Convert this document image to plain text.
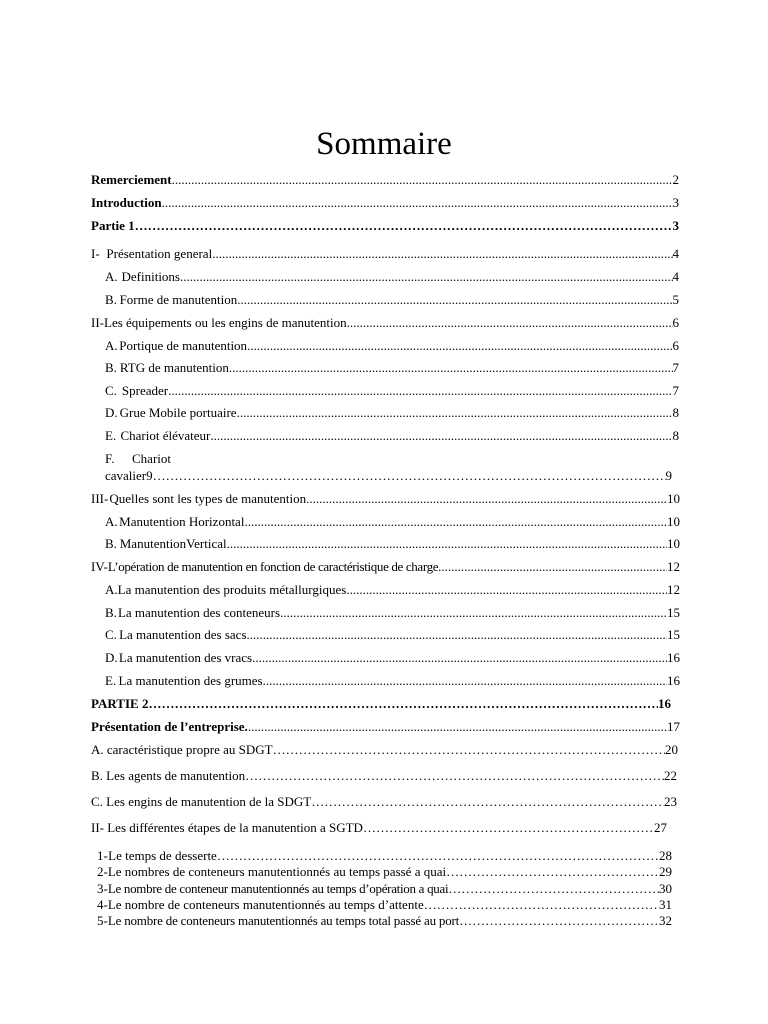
Sommaire
Remerciement .....	2
Introduction .....	3
Partie 1 …………………………………………………………………………………………………………………………………………………………………………………	3
I- Présentation general .....	4
A. Definitions .....	4
B. Forme de manutention .....	5
II- Les équipements ou les engins de manutention .....	6
A. Portique de manutention .....	6
B. RTG de manutention .....	7
C. Spreader .....	7
D. Grue Mobile portuaire .....	8
E. Chariot élévateur .....	8
F. Chariot
cavalier9 …………………………………………………………………………………………………………………………………………………………………………………	9
III- Quelles sont les types de manutention .....	10
A. Manutention Horizontal .....	10
B. ManutentionVertical .....	10
IV- L’opération de manutention en fonction de caractéristique de charge .....	12
A. La manutention des produits métallurgiques .....	12
B. La manutention des conteneurs .....	15
C. La manutention des sacs .....	15
D. La manutention des vracs .....	16
E. La manutention des grumes .....	16
PARTIE 2 …………………………………………………………………………………………………………………………………………………………………………………	16
Présentation de l’entreprise. .....	17
A. caractéristique propre au SDGT …………………………………………………………………………………………………………………………………………………………………………………	20
B. Les agents de manutention …………………………………………………………………………………………………………………………………………………………………………………	22
C. Les engins de manutention de la SDGT …………………………………………………………………………………………………………………………………………………………………………………	23
II- Les différentes étapes de la manutention a SGTD …………………………………………………………………………………………………………………………………………………………………………………	27
1- Le temps de desserte …………………………………………………………………………………………………………………………………………………………………………………	28
2- Le nombres de conteneurs manutentionnés au temps passé a quai …………………………………………………………………………………………………………………………………………………………………………………	29
3- Le nombre de conteneur manutentionnés au temps d’opération a quai …………………………………………………………………………………………………………………………………………………………………………………	30
4- Le nombre de conteneurs manutentionnés au temps d’attente …………………………………………………………………………………………………………………………………………………………………………………	31
5- Le nombre de conteneurs manutentionnés au temps total passé au port …………………………………………………………………………………………………………………………………………………………………………………	32
